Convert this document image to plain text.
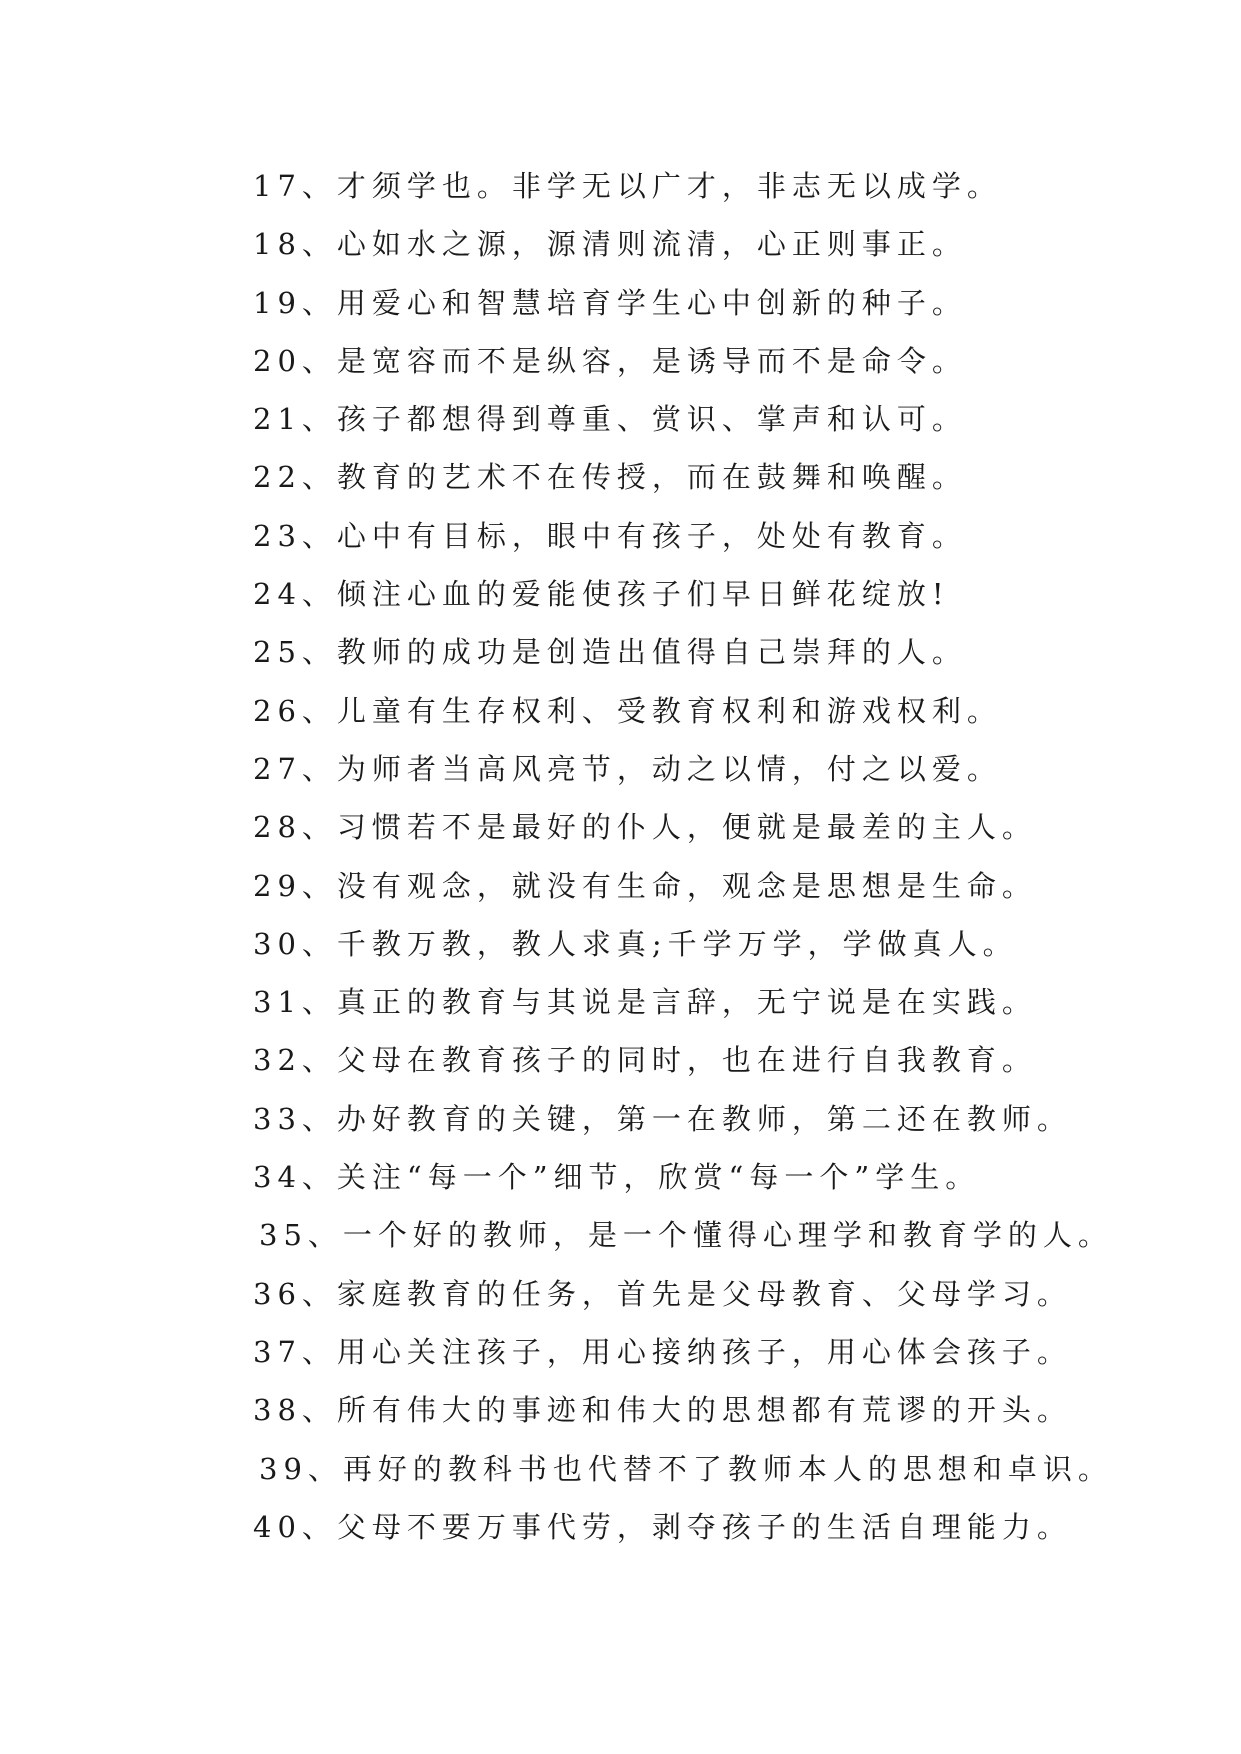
17、才须学也。非学无以广才，非志无以成学。
18、心如水之源，源清则流清，心正则事正。
19、用爱心和智慧培育学生心中创新的种子。
20、是宽容而不是纵容，是诱导而不是命令。
21、孩子都想得到尊重、赏识、掌声和认可。
22、教育的艺术不在传授，而在鼓舞和唤醒。
23、心中有目标，眼中有孩子，处处有教育。
24、倾注心血的爱能使孩子们早日鲜花绽放!
25、教师的成功是创造出值得自己崇拜的人。
26、儿童有生存权利、受教育权利和游戏权利。
27、为师者当高风亮节，动之以情，付之以爱。
28、习惯若不是最好的仆人，便就是最差的主人。
29、没有观念，就没有生命，观念是思想是生命。
30、千教万教，教人求真;千学万学，学做真人。
31、真正的教育与其说是言辞，无宁说是在实践。
32、父母在教育孩子的同时，也在进行自我教育。
33、办好教育的关键，第一在教师，第二还在教师。
34、关注“每一个”细节，欣赏“每一个”学生。
35、一个好的教师，是一个懂得心理学和教育学的人。
36、家庭教育的任务，首先是父母教育、父母学习。
37、用心关注孩子，用心接纳孩子，用心体会孩子。
38、所有伟大的事迹和伟大的思想都有荒谬的开头。
39、再好的教科书也代替不了教师本人的思想和卓识。
40、父母不要万事代劳，剥夺孩子的生活自理能力。
